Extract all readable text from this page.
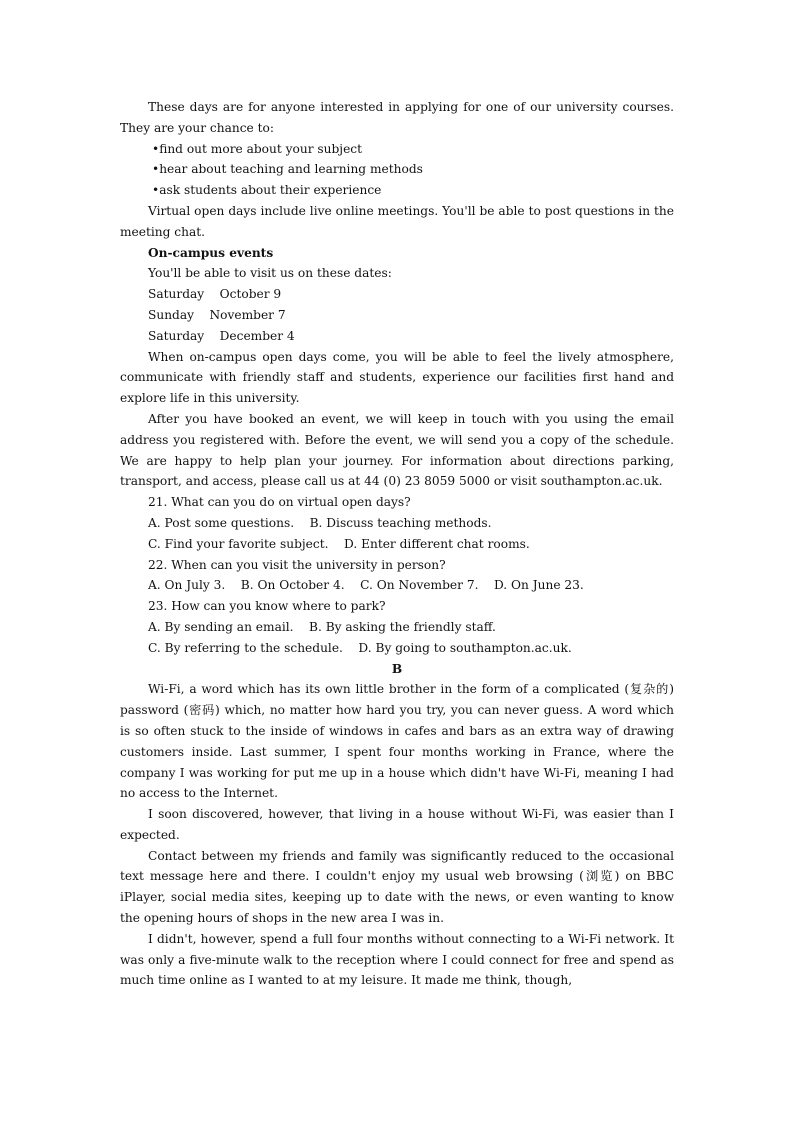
These days are for anyone interested in applying for one of our university courses. They are your chance to:

•find out more about your subject

•hear about teaching and learning methods

•ask students about their experience

Virtual open days include live online meetings. You'll be able to post questions in the meeting chat.

On-campus events

You'll be able to visit us on these dates:

Saturday    October 9

Sunday    November 7

Saturday    December 4

When on-campus open days come, you will be able to feel the lively atmosphere, communicate with friendly staff and students, experience our facilities first hand and explore life in this university.

After you have booked an event, we will keep in touch with you using the email address you registered with. Before the event, we will send you a copy of the schedule. We are happy to help plan your journey. For information about directions parking, transport, and access, please call us at 44 (0) 23 8059 5000 or visit southampton.ac.uk.

21. What can you do on virtual open days?

A. Post some questions.    B. Discuss teaching methods.

C. Find your favorite subject.    D. Enter different chat rooms.

22. When can you visit the university in person?

A. On July 3.    B. On October 4.    C. On November 7.    D. On June 23.

23. How can you know where to park?

A. By sending an email.    B. By asking the friendly staff.

C. By referring to the schedule.    D. By going to southampton.ac.uk.

B

Wi-Fi, a word which has its own little brother in the form of a complicated (复杂的) password (密码) which, no matter how hard you try, you can never guess. A word which is so often stuck to the inside of windows in cafes and bars as an extra way of drawing customers inside. Last summer, I spent four months working in France, where the company I was working for put me up in a house which didn't have Wi-Fi, meaning I had no access to the Internet.

I soon discovered, however, that living in a house without Wi-Fi, was easier than I expected.

Contact between my friends and family was significantly reduced to the occasional text message here and there. I couldn't enjoy my usual web browsing (浏览) on BBC iPlayer, social media sites, keeping up to date with the news, or even wanting to know the opening hours of shops in the new area I was in.

I didn't, however, spend a full four months without connecting to a Wi-Fi network. It was only a five-minute walk to the reception where I could connect for free and spend as much time online as I wanted to at my leisure. It made me think, though,
